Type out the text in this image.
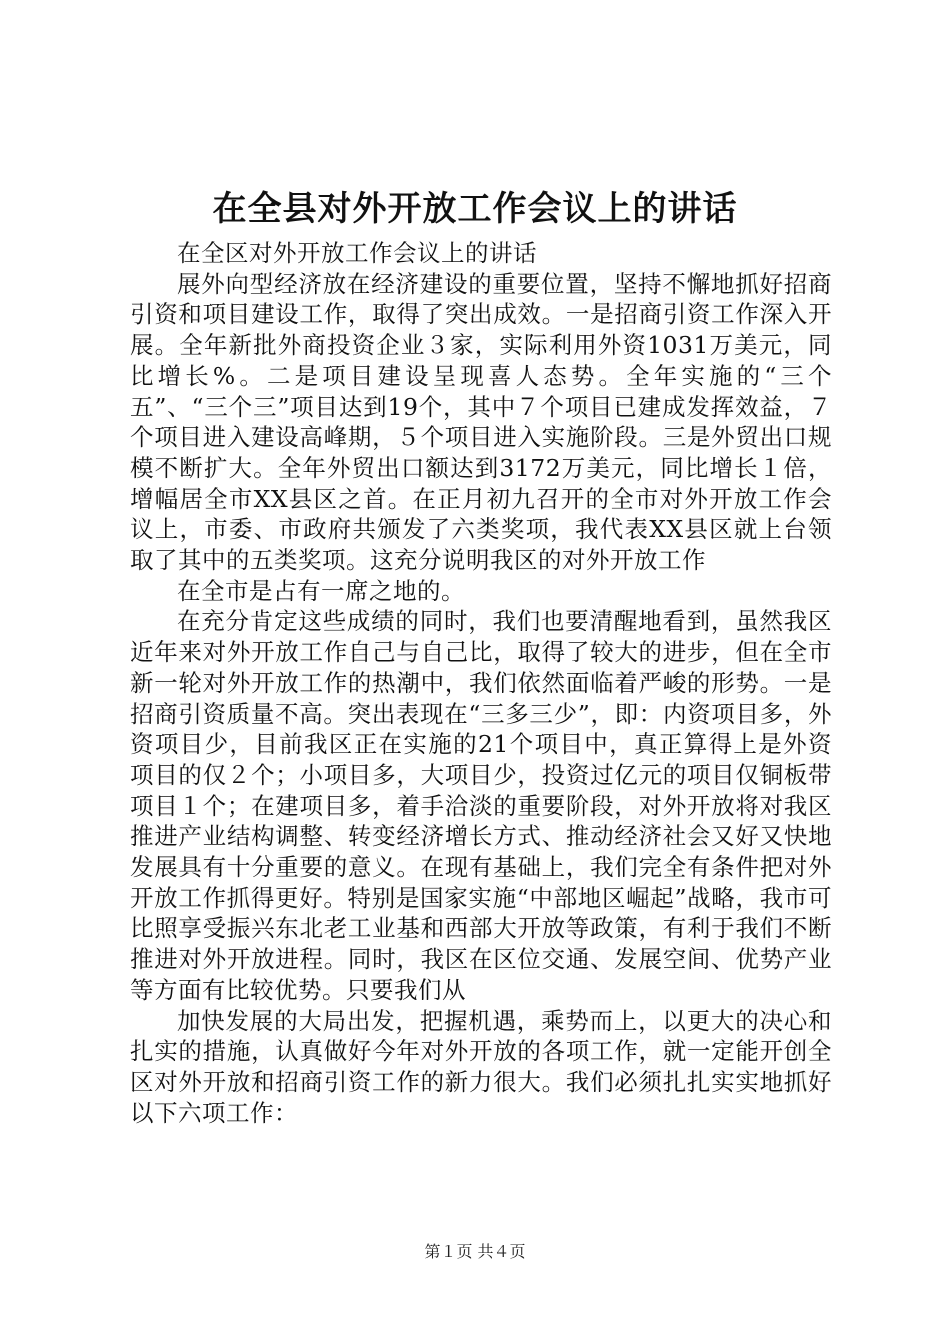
在全县对外开放工作会议上的讲话

在全区对外开放工作会议上的讲话

展外向型经济放在经济建设的重要位置，坚持不懈地抓好招商引资和项目建设工作，取得了突出成效。一是招商引资工作深入开展。全年新批外商投资企业３家，实际利用外资1031万美元，同比增长%。二是项目建设呈现喜人态势。全年实施的“三个五”、“三个三”项目达到19个，其中７个项目已建成发挥效益，７个项目进入建设高峰期，５个项目进入实施阶段。三是外贸出口规模不断扩大。全年外贸出口额达到3172万美元，同比增长１倍，增幅居全市XX县区之首。在正月初九召开的全市对外开放工作会议上，市委、市政府共颁发了六类奖项，我代表XX县区就上台领取了其中的五类奖项。这充分说明我区的对外开放工作

在全市是占有一席之地的。

在充分肯定这些成绩的同时，我们也要清醒地看到，虽然我区近年来对外开放工作自己与自己比，取得了较大的进步，但在全市新一轮对外开放工作的热潮中，我们依然面临着严峻的形势。一是招商引资质量不高。突出表现在“三多三少”，即：内资项目多，外资项目少，目前我区正在实施的21个项目中，真正算得上是外资项目的仅２个；小项目多，大项目少，投资过亿元的项目仅铜板带项目１个；在建项目多，着手洽淡的重要阶段，对外开放将对我区推进产业结构调整、转变经济增长方式、推动经济社会又好又快地发展具有十分重要的意义。在现有基础上，我们完全有条件把对外开放工作抓得更好。特别是国家实施“中部地区崛起”战略，我市可比照享受振兴东北老工业基和西部大开放等政策，有利于我们不断推进对外开放进程。同时，我区在区位交通、发展空间、优势产业等方面有比较优势。只要我们从

加快发展的大局出发，把握机遇，乘势而上，以更大的决心和扎实的措施，认真做好今年对外开放的各项工作，就一定能开创全区对外开放和招商引资工作的新力很大。我们必须扎扎实实地抓好以下六项工作：

第１页 共４页
